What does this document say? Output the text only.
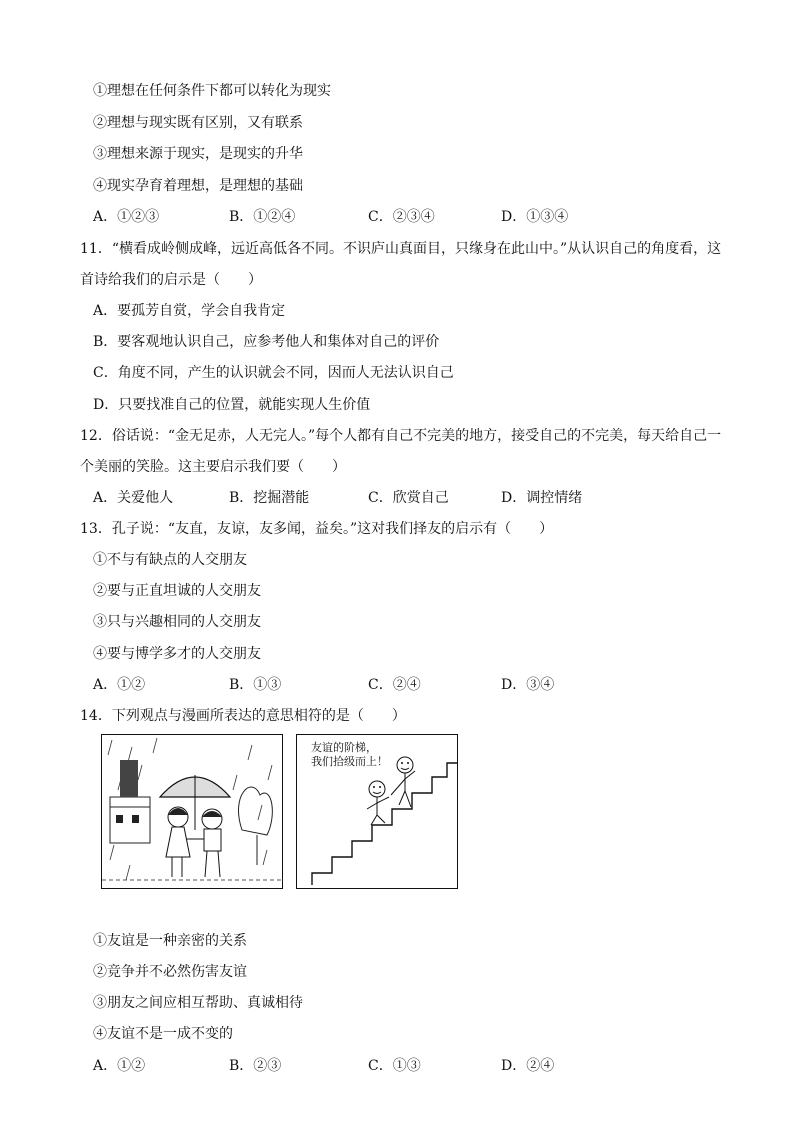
①理想在任何条件下都可以转化为现实
②理想与现实既有区别，又有联系
③理想来源于现实，是现实的升华
④现实孕育着理想，是理想的基础
A．①②③	B．①②④	C．②③④	D．①③④
11．“横看成岭侧成峰，远近高低各不同。不识庐山真面目，只缘身在此山中。”从认识自己的角度看，这
首诗给我们的启示是（　　）
A．要孤芳自赏，学会自我肯定
B．要客观地认识自己，应参考他人和集体对自己的评价
C．角度不同，产生的认识就会不同，因而人无法认识自己
D．只要找准自己的位置，就能实现人生价值
12．俗话说：“金无足赤，人无完人。”每个人都有自己不完美的地方，接受自己的不完美，每天给自己一
个美丽的笑脸。这主要启示我们要（　　）
A．关爱他人	B．挖掘潜能	C．欣赏自己	D．调控情绪
13．孔子说：“友直，友谅，友多闻，益矣。”这对我们择友的启示有（　　）
①不与有缺点的人交朋友
②要与正直坦诚的人交朋友
③只与兴趣相同的人交朋友
④要与博学多才的人交朋友
A．①②	B．①③	C．②④	D．③④
14．下列观点与漫画所表达的意思相符的是（　　）
友谊的阶梯，
我们拾级而上！
①友谊是一种亲密的关系
②竞争并不必然伤害友谊
③朋友之间应相互帮助、真诚相待
④友谊不是一成不变的
A．①②	B．②③	C．①③	D．②④
